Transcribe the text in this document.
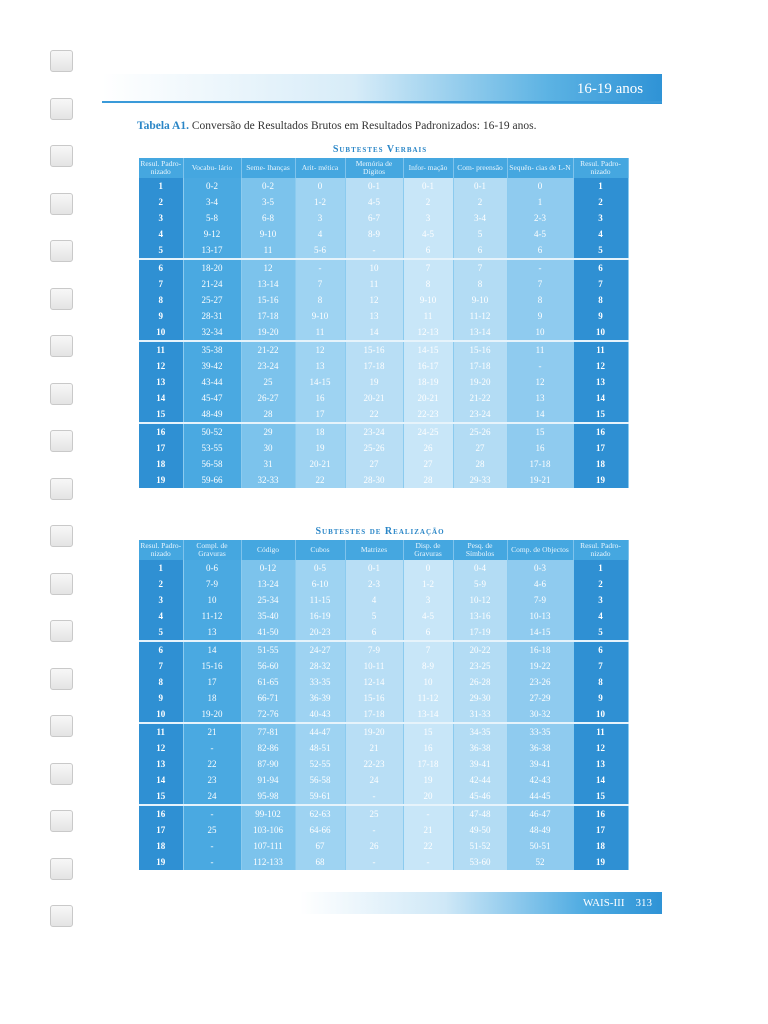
16-19 anos
Tabela A1. Conversão de Resultados Brutos em Resultados Padronizados: 16-19 anos.
Subtestes Verbais
Resul. Padro- nizado	Vocabu- lário	Seme- lhanças	Arit- mética	Memória de Dígitos	Infor- mação	Com- preensão	Sequên- cias de L-N	Resul. Padro- nizado
1	0-2	0-2	0	0-1	0-1	0-1	0	1
2	3-4	3-5	1-2	4-5	2	2	1	2
3	5-8	6-8	3	6-7	3	3-4	2-3	3
4	9-12	9-10	4	8-9	4-5	5	4-5	4
5	13-17	11	5-6	-	6	6	6	5
6	18-20	12	-	10	7	7	-	6
7	21-24	13-14	7	11	8	8	7	7
8	25-27	15-16	8	12	9-10	9-10	8	8
9	28-31	17-18	9-10	13	11	11-12	9	9
10	32-34	19-20	11	14	12-13	13-14	10	10
11	35-38	21-22	12	15-16	14-15	15-16	11	11
12	39-42	23-24	13	17-18	16-17	17-18	-	12
13	43-44	25	14-15	19	18-19	19-20	12	13
14	45-47	26-27	16	20-21	20-21	21-22	13	14
15	48-49	28	17	22	22-23	23-24	14	15
16	50-52	29	18	23-24	24-25	25-26	15	16
17	53-55	30	19	25-26	26	27	16	17
18	56-58	31	20-21	27	27	28	17-18	18
19	59-66	32-33	22	28-30	28	29-33	19-21	19
Subtestes de Realização
Resul. Padro- nizado	Compl. de Gravuras	Código	Cubos	Matrizes	Disp. de Gravuras	Pesq. de Símbolos	Comp. de Objectos	Resul. Padro- nizado
1	0-6	0-12	0-5	0-1	0	0-4	0-3	1
2	7-9	13-24	6-10	2-3	1-2	5-9	4-6	2
3	10	25-34	11-15	4	3	10-12	7-9	3
4	11-12	35-40	16-19	5	4-5	13-16	10-13	4
5	13	41-50	20-23	6	6	17-19	14-15	5
6	14	51-55	24-27	7-9	7	20-22	16-18	6
7	15-16	56-60	28-32	10-11	8-9	23-25	19-22	7
8	17	61-65	33-35	12-14	10	26-28	23-26	8
9	18	66-71	36-39	15-16	11-12	29-30	27-29	9
10	19-20	72-76	40-43	17-18	13-14	31-33	30-32	10
11	21	77-81	44-47	19-20	15	34-35	33-35	11
12	-	82-86	48-51	21	16	36-38	36-38	12
13	22	87-90	52-55	22-23	17-18	39-41	39-41	13
14	23	91-94	56-58	24	19	42-44	42-43	14
15	24	95-98	59-61	-	20	45-46	44-45	15
16	-	99-102	62-63	25	-	47-48	46-47	16
17	25	103-106	64-66	-	21	49-50	48-49	17
18	-	107-111	67	26	22	51-52	50-51	18
19	-	112-133	68	-	-	53-60	52	19
WAIS-III 313
